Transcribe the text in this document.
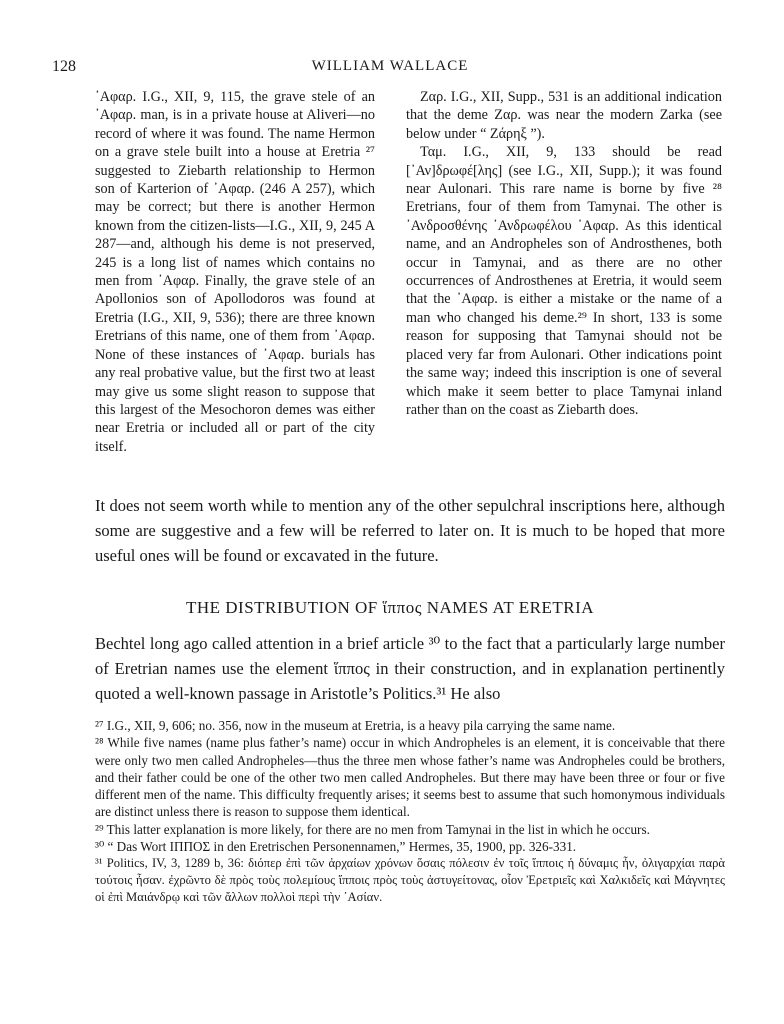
128	WILLIAM WALLACE

᾿Αφαρ. I.G., XII, 9, 115, the grave stele of an ᾿Αφαρ. man, is in a private house at Aliveri—no record of where it was found. The name Hermon on a grave stele built into a house at Eretria ²⁷ suggested to Ziebarth relationship to Hermon son of Karterion of ᾿Αφαρ. (246 A 257), which may be correct; but there is another Hermon known from the citizen-lists—I.G., XII, 9, 245 A 287—and, although his deme is not preserved, 245 is a long list of names which contains no men from ᾿Αφαρ. Finally, the grave stele of an Apollonios son of Apollodoros was found at Eretria (I.G., XII, 9, 536); there are three known Eretrians of this name, one of them from ᾿Αφαρ. None of these instances of ᾿Αφαρ. burials has any real probative value, but the first two at least may give us some slight reason to suppose that this largest of the Mesochoron demes was either near Eretria or included all or part of the city itself.

Ζαρ. I.G., XII, Supp., 531 is an additional indication that the deme Ζαρ. was near the modern Zarka (see below under “ Ζάρηξ ”).

Ταμ. I.G., XII, 9, 133 should be read [᾿Αν]δρωφέ[λης] (see I.G., XII, Supp.); it was found near Aulonari. This rare name is borne by five ²⁸ Eretrians, four of them from Tamynai. The other is ᾿Ανδροσθένης ᾿Ανδρωφέλου ᾿Αφαρ. As this identical name, and an Andropheles son of Androsthenes, both occur in Tamynai, and as there are no other occurrences of Androsthenes at Eretria, it would seem that the ᾿Αφαρ. is either a mistake or the name of a man who changed his deme.²⁹ In short, 133 is some reason for supposing that Tamynai should not be placed very far from Aulonari. Other indications point the same way; indeed this inscription is one of several which make it seem better to place Tamynai inland rather than on the coast as Ziebarth does.

It does not seem worth while to mention any of the other sepulchral inscriptions here, although some are suggestive and a few will be referred to later on. It is much to be hoped that more useful ones will be found or excavated in the future.

THE DISTRIBUTION OF ἵππος NAMES AT ERETRIA

Bechtel long ago called attention in a brief article ³⁰ to the fact that a particularly large number of Eretrian names use the element ἵππος in their construction, and in explanation pertinently quoted a well-known passage in Aristotle’s Politics.³¹ He also

²⁷ I.G., XII, 9, 606; no. 356, now in the museum at Eretria, is a heavy pila carrying the same name.

²⁸ While five names (name plus father’s name) occur in which Andropheles is an element, it is conceivable that there were only two men called Andropheles—thus the three men whose father’s name was Andropheles could be brothers, and their father could be one of the other two men called Andropheles. But there may have been three or four or five different men of the name. This difficulty frequently arises; it seems best to assume that such homonymous individuals are distinct unless there is reason to suppose them identical.

²⁹ This latter explanation is more likely, for there are no men from Tamynai in the list in which he occurs.

³⁰ “ Das Wort ΙΠΠΟΣ in den Eretrischen Personennamen,” Hermes, 35, 1900, pp. 326-331.

³¹ Politics, IV, 3, 1289 b, 36: διόπερ ἐπὶ τῶν ἀρχαίων χρόνων ὅσαις πόλεσιν ἐν τοῖς ἵπποις ἡ δύναμις ἦν, ὀλιγαρχίαι παρὰ τούτοις ἦσαν. ἐχρῶντο δὲ πρὸς τοὺς πολεμίους ἵπποις πρὸς τοὺς ἀστυγείτονας, οἷον Ἐρετριεῖς καὶ Χαλκιδεῖς καὶ Μάγνητες οἱ ἐπὶ Μαιάνδρῳ καὶ τῶν ἄλλων πολλοὶ περὶ τὴν ᾿Ασίαν.
